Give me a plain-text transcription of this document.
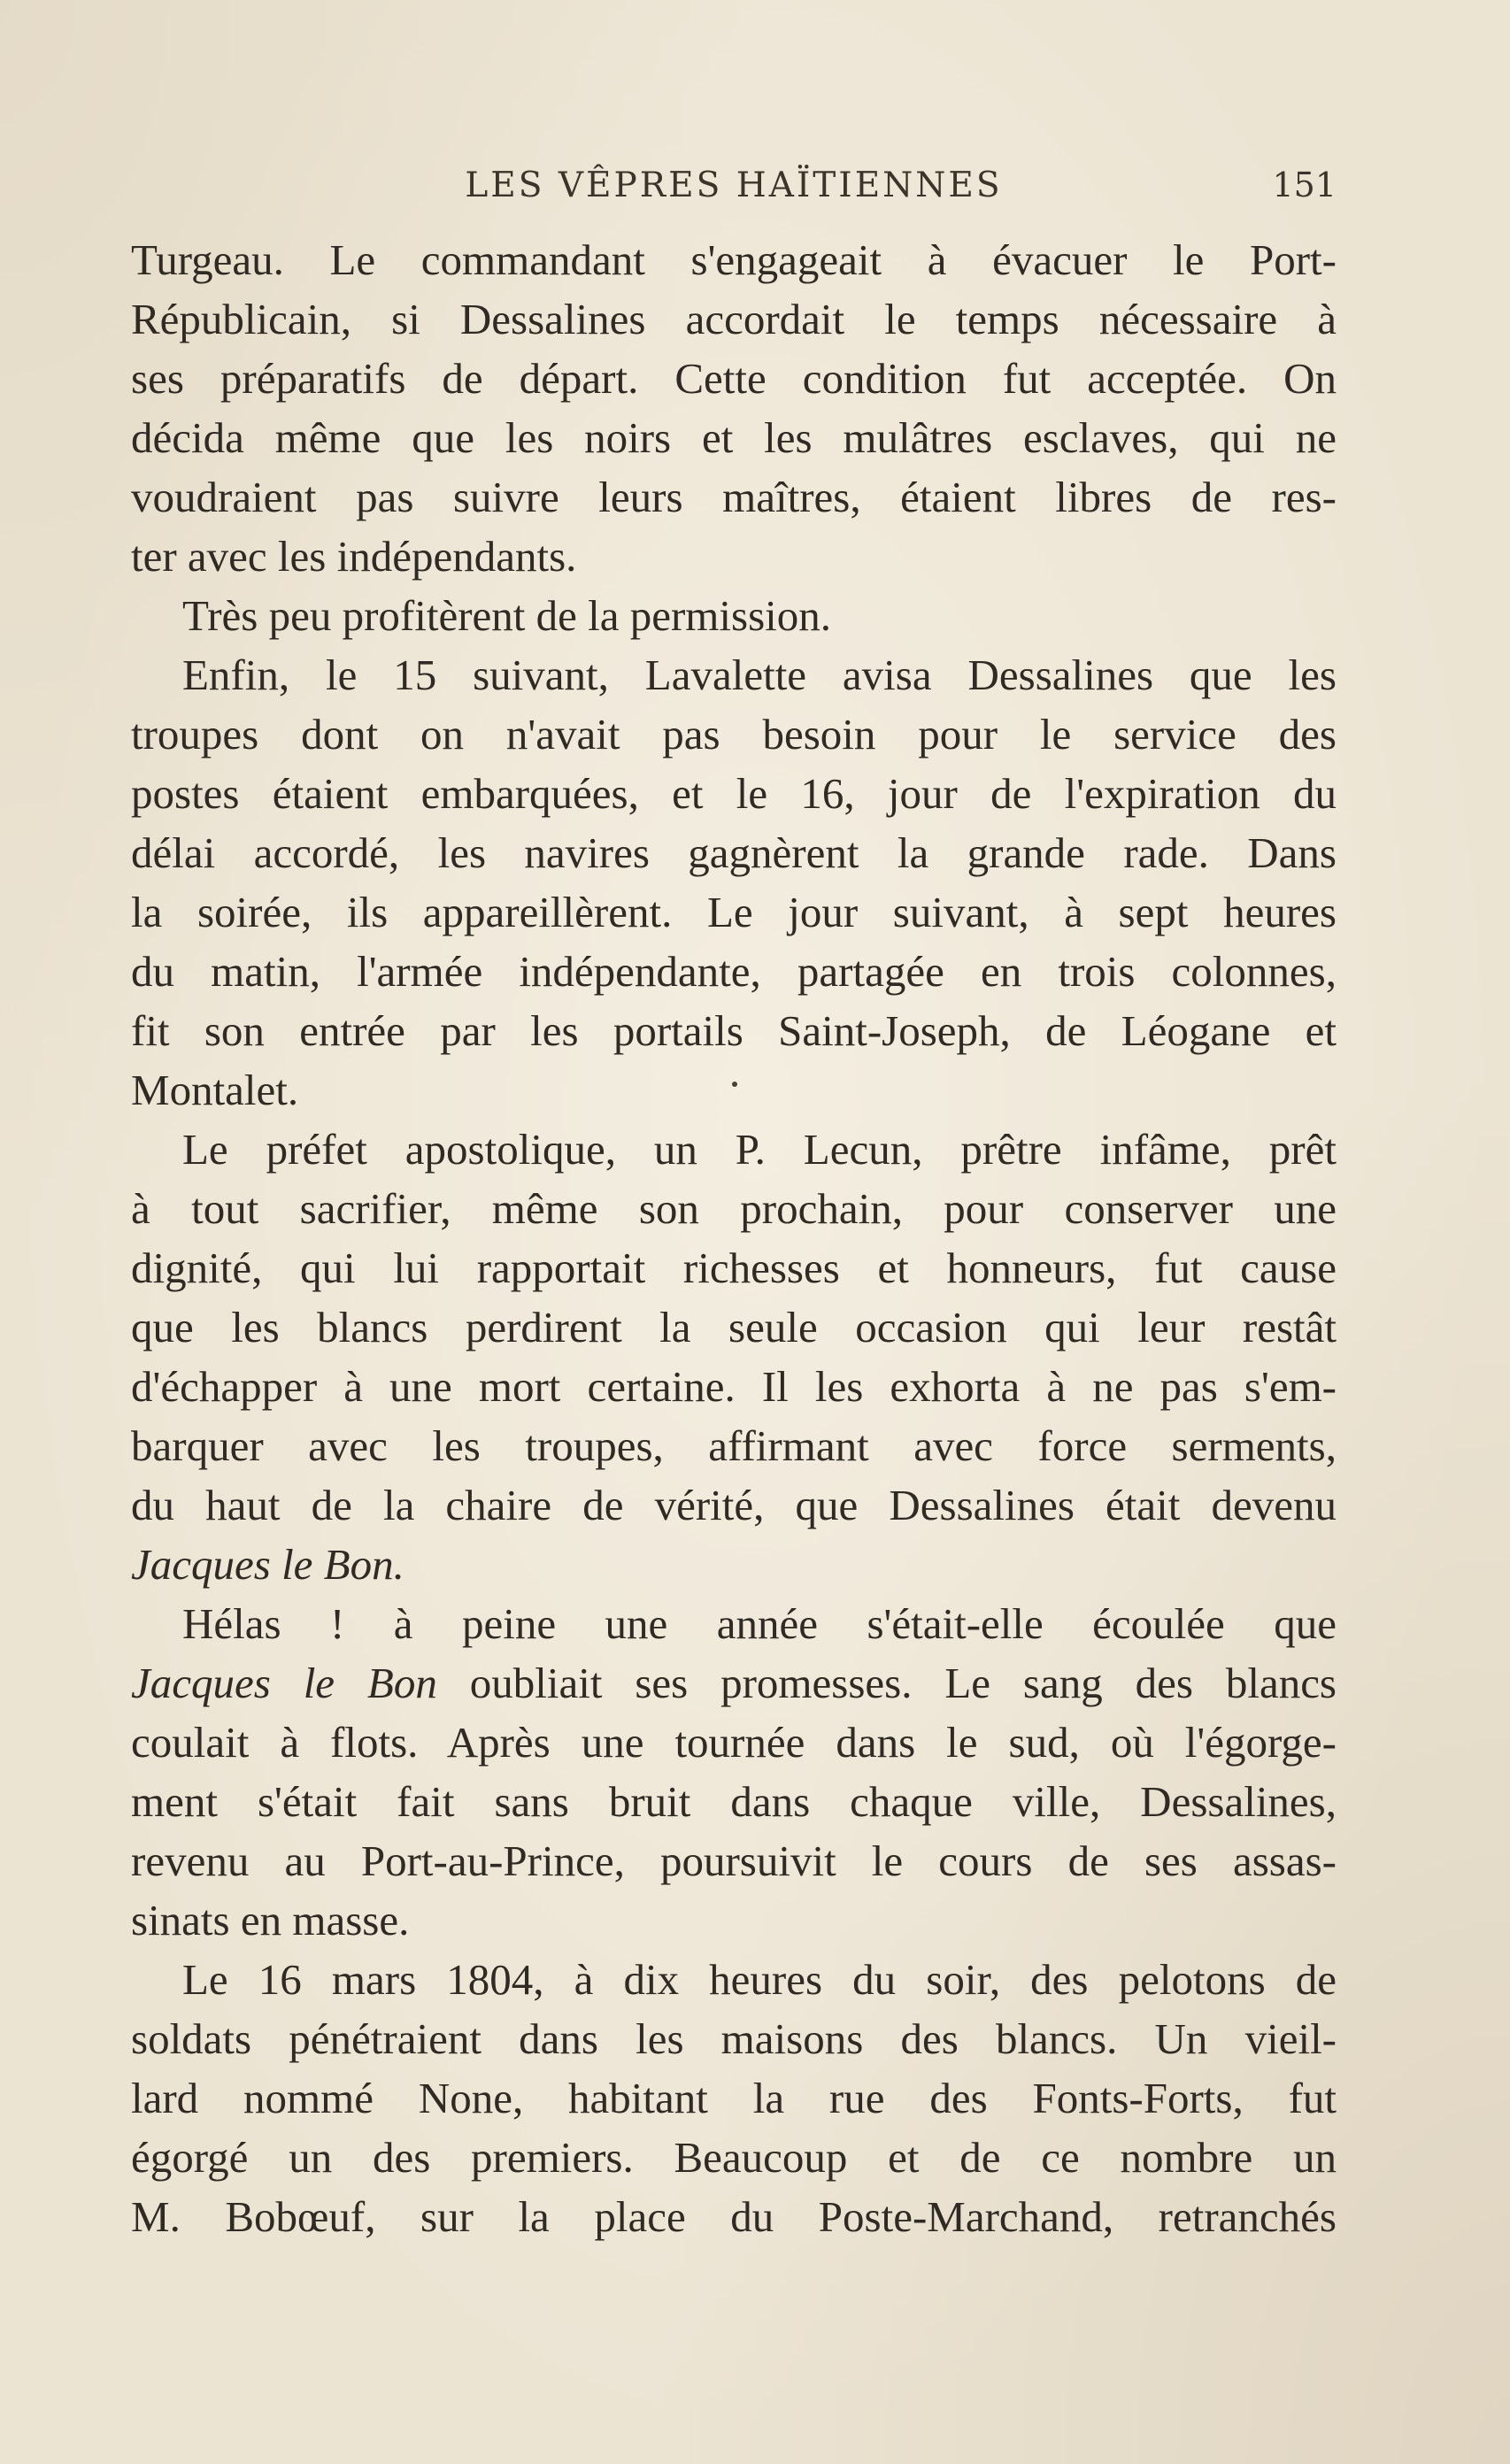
LES VÊPRES HAÏTIENNES	151
Turgeau. Le commandant s'engageait à évacuer le Port-
Républicain, si Dessalines accordait le temps nécessaire à
ses préparatifs de départ. Cette condition fut acceptée. On
décida même que les noirs et les mulâtres esclaves, qui ne
voudraient pas suivre leurs maîtres, étaient libres de res-
ter avec les indépendants.
Très peu profitèrent de la permission.
Enfin, le 15 suivant, Lavalette avisa Dessalines que les
troupes dont on n'avait pas besoin pour le service des
postes étaient embarquées, et le 16, jour de l'expiration du
délai accordé, les navires gagnèrent la grande rade. Dans
la soirée, ils appareillèrent. Le jour suivant, à sept heures
du matin, l'armée indépendante, partagée en trois colonnes,
fit son entrée par les portails Saint-Joseph, de Léogane et
Montalet.
Le préfet apostolique, un P. Lecun, prêtre infâme, prêt
à tout sacrifier, même son prochain, pour conserver une
dignité, qui lui rapportait richesses et honneurs, fut cause
que les blancs perdirent la seule occasion qui leur restât
d'échapper à une mort certaine. Il les exhorta à ne pas s'em-
barquer avec les troupes, affirmant avec force serments,
du haut de la chaire de vérité, que Dessalines était devenu
Jacques le Bon.
Hélas ! à peine une année s'était-elle écoulée que
Jacques le Bon oubliait ses promesses. Le sang des blancs
coulait à flots. Après une tournée dans le sud, où l'égorge-
ment s'était fait sans bruit dans chaque ville, Dessalines,
revenu au Port-au-Prince, poursuivit le cours de ses assas-
sinats en masse.
Le 16 mars 1804, à dix heures du soir, des pelotons de
soldats pénétraient dans les maisons des blancs. Un vieil-
lard nommé None, habitant la rue des Fonts-Forts, fut
égorgé un des premiers. Beaucoup et de ce nombre un
M. Bobœuf, sur la place du Poste-Marchand, retranchés
